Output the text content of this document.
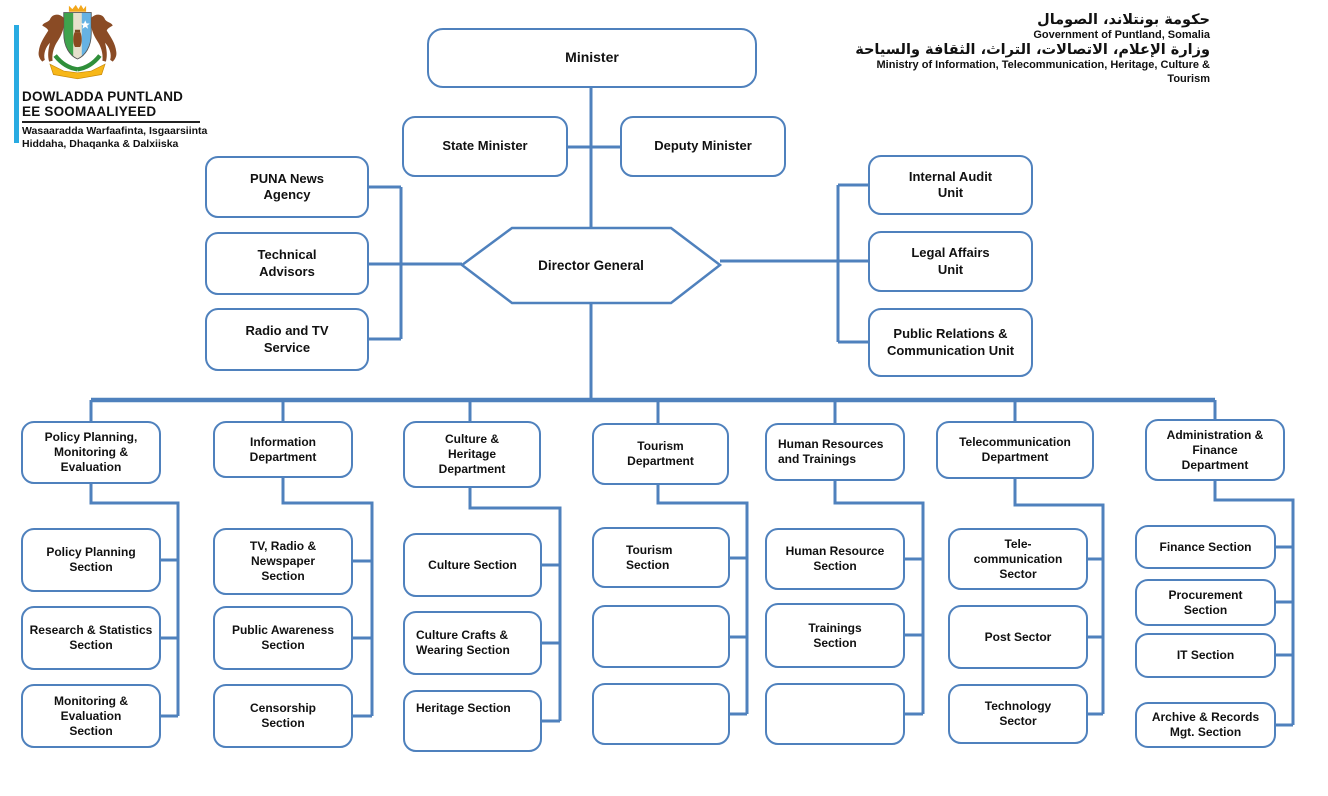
DOWLADDA PUNTLAND
EE SOOMAALIYEED
Wasaaradda Warfaafinta, Isgaarsiinta
Hiddaha, Dhaqanka & Dalxiiska
حكومة بونتلاند، الصومال
Government of Puntland, Somalia
وزارة الإعلام، الاتصالات، التراث، الثقافة والسياحة
Ministry of Information, Telecommunication, Heritage, Culture & Tourism
Minister
State Minister	Deputy Minister
Director General
PUNA News Agency
Technical Advisors
Radio and TV Service
Internal Audit Unit
Legal Affairs Unit
Public Relations & Communication Unit
Policy Planning, Monitoring & Evaluation
Information Department
Culture & Heritage Department
Tourism Department
Human Resources and Trainings
Telecommunication Department
Administration & Finance Department
Policy Planning Section
Research & Statistics Section
Monitoring & Evaluation Section
TV, Radio & Newspaper Section
Public Awareness Section
Censorship Section
Culture Section
Culture Crafts & Wearing Section
Heritage Section
Tourism Section
Human Resource Section
Trainings Section
Tele-communication Sector
Post Sector
Technology Sector
Finance Section
Procurement Section
IT Section
Archive & Records Mgt. Section
